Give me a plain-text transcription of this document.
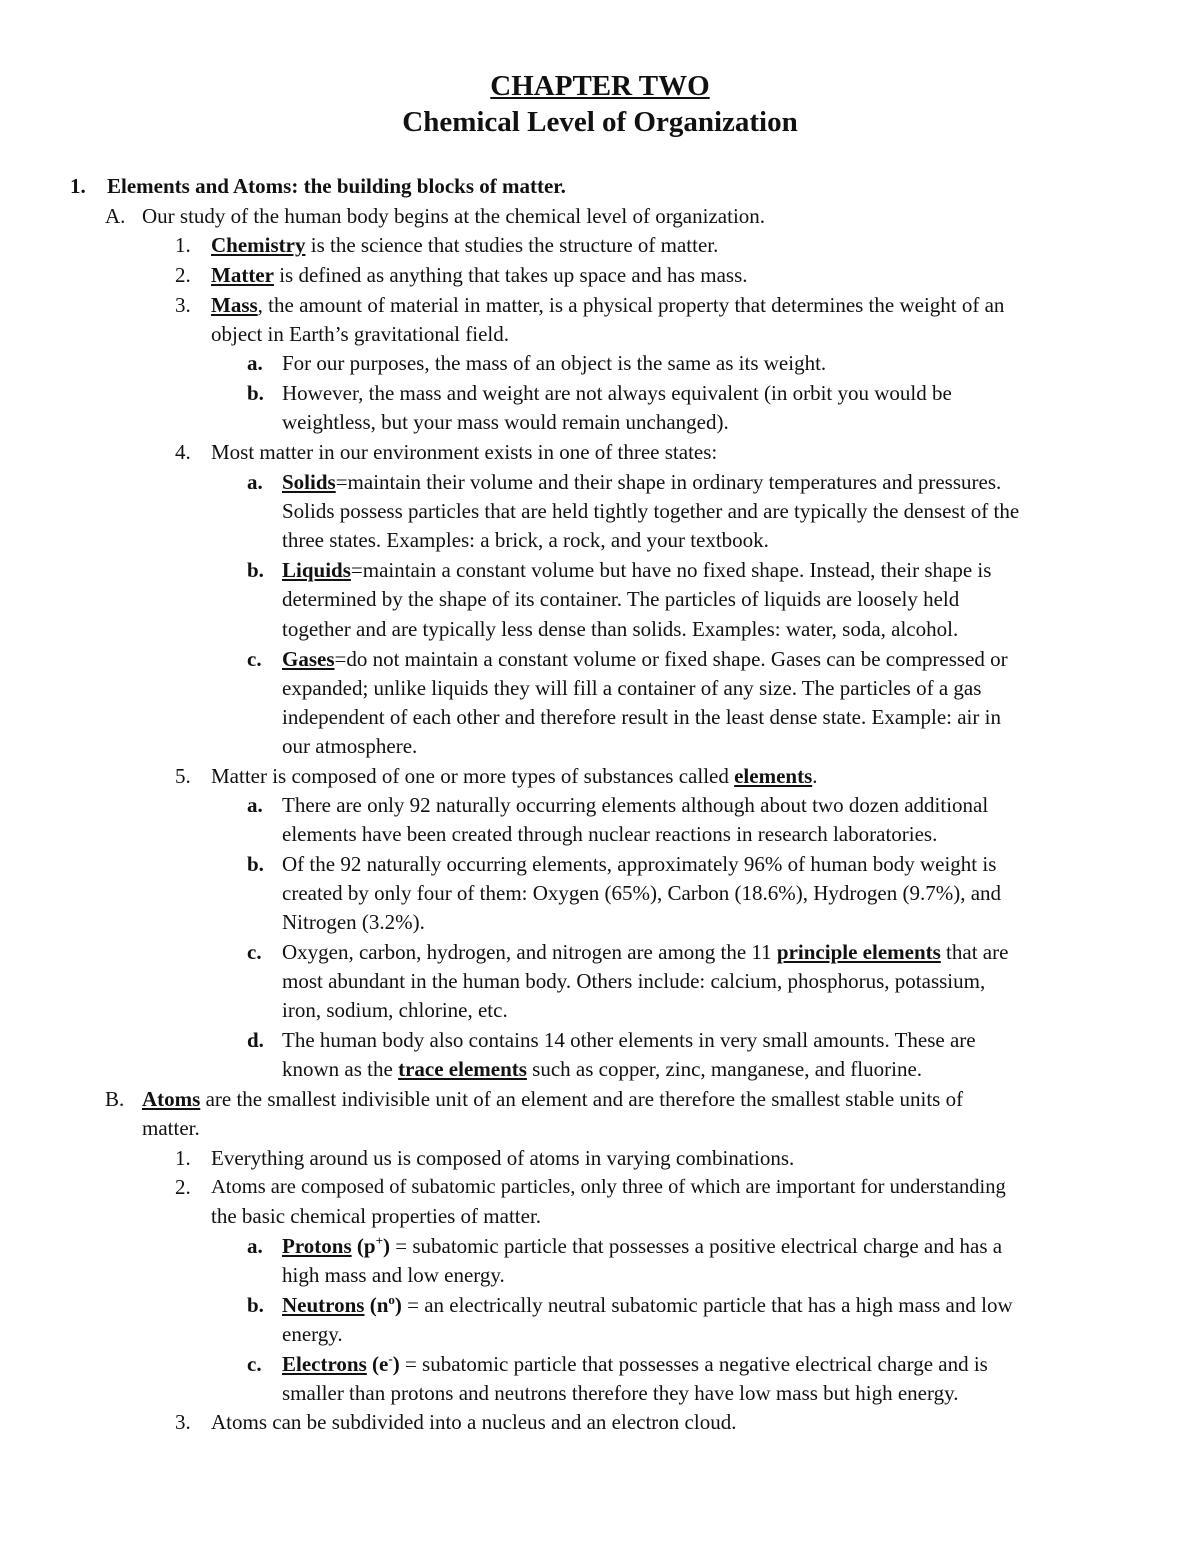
CHAPTER TWO
Chemical Level of Organization
1. Elements and Atoms: the building blocks of matter.
A. Our study of the human body begins at the chemical level of organization.
1. Chemistry is the science that studies the structure of matter.
2. Matter is defined as anything that takes up space and has mass.
3. Mass, the amount of material in matter, is a physical property that determines the weight of an
object in Earth’s gravitational field.
a. For our purposes, the mass of an object is the same as its weight.
b. However, the mass and weight are not always equivalent (in orbit you would be
weightless, but your mass would remain unchanged).
4. Most matter in our environment exists in one of three states:
a. Solids=maintain their volume and their shape in ordinary temperatures and pressures.
Solids possess particles that are held tightly together and are typically the densest of the
three states. Examples: a brick, a rock, and your textbook.
b. Liquids=maintain a constant volume but have no fixed shape. Instead, their shape is
determined by the shape of its container. The particles of liquids are loosely held
together and are typically less dense than solids. Examples: water, soda, alcohol.
c. Gases=do not maintain a constant volume or fixed shape. Gases can be compressed or
expanded; unlike liquids they will fill a container of any size. The particles of a gas
independent of each other and therefore result in the least dense state. Example: air in
our atmosphere.
5. Matter is composed of one or more types of substances called elements.
a. There are only 92 naturally occurring elements although about two dozen additional
elements have been created through nuclear reactions in research laboratories.
b. Of the 92 naturally occurring elements, approximately 96% of human body weight is
created by only four of them: Oxygen (65%), Carbon (18.6%), Hydrogen (9.7%), and
Nitrogen (3.2%).
c. Oxygen, carbon, hydrogen, and nitrogen are among the 11 principle elements that are
most abundant in the human body. Others include: calcium, phosphorus, potassium,
iron, sodium, chlorine, etc.
d. The human body also contains 14 other elements in very small amounts. These are
known as the trace elements such as copper, zinc, manganese, and fluorine.
B. Atoms are the smallest indivisible unit of an element and are therefore the smallest stable units of
matter.
1. Everything around us is composed of atoms in varying combinations.
2. Atoms are composed of subatomic particles, only three of which are important for understanding
the basic chemical properties of matter.
a. Protons (p+) = subatomic particle that possesses a positive electrical charge and has a
high mass and low energy.
b. Neutrons $(n^o)$ = an electrically neutral subatomic particle that has a high mass and low
energy.
c. Electrons (e-) = subatomic particle that possesses a negative electrical charge and is
smaller than protons and neutrons therefore they have low mass but high energy.
3. Atoms can be subdivided into a nucleus and an electron cloud.
